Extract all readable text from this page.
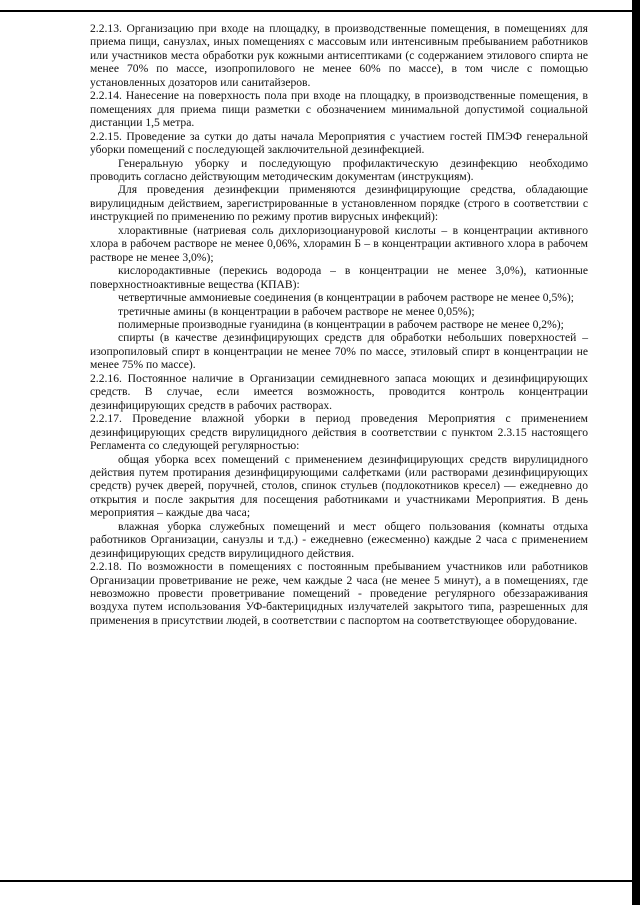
2.2.13. Организацию при входе на площадку, в производственные помещения, в помещениях для приема пищи, санузлах, иных помещениях с массовым или интенсивным пребыванием работников или участников места обработки рук кожными антисептиками (с содержанием этилового спирта не менее 70% по массе, изопропилового не менее 60% по массе), в том числе с помощью установленных дозаторов или санитайзеров.

2.2.14. Нанесение на поверхность пола при входе на площадку, в производственные помещения, в помещениях для приема пищи разметки с обозначением минимальной допустимой социальной дистанции 1,5 метра.

2.2.15. Проведение за сутки до даты начала Мероприятия с участием гостей ПМЭФ генеральной уборки помещений с последующей заключительной дезинфекцией.

Генеральную уборку и последующую профилактическую дезинфекцию необходимо проводить согласно действующим методическим документам (инструкциям).

Для проведения дезинфекции применяются дезинфицирующие средства, обладающие вирулицидным действием, зарегистрированные в установленном порядке (строго в соответствии с инструкцией по применению по режиму против вирусных инфекций):

хлорактивные (натриевая соль дихлоризоциануровой кислоты – в концентрации активного хлора в рабочем растворе не менее 0,06%, хлорамин Б – в концентрации активного хлора в рабочем растворе не менее 3,0%);

кислородактивные (перекись водорода – в концентрации не менее 3,0%), катионные поверхностноактивные вещества (КПАВ):

четвертичные аммониевые соединения (в концентрации в рабочем растворе не менее 0,5%);

третичные амины (в концентрации в рабочем растворе не менее 0,05%);

полимерные производные гуанидина (в концентрации в рабочем растворе не менее 0,2%);

спирты (в качестве дезинфицирующих средств для обработки небольших поверхностей – изопропиловый спирт в концентрации не менее 70% по массе, этиловый спирт в концентрации не менее 75% по массе).

2.2.16. Постоянное наличие в Организации семидневного запаса моющих и дезинфицирующих средств. В случае, если имеется возможность, проводится контроль концентрации дезинфицирующих средств в рабочих растворах.

2.2.17. Проведение влажной уборки в период проведения Мероприятия с применением дезинфицирующих средств вирулицидного действия в соответствии с пунктом 2.3.15 настоящего Регламента со следующей регулярностью:

общая уборка всех помещений с применением дезинфицирующих средств вирулицидного действия путем протирания дезинфицирующими салфетками (или растворами дезинфицирующих средств) ручек дверей, поручней, столов, спинок стульев (подлокотников кресел) — ежедневно до открытия и после закрытия для посещения работниками и участниками Мероприятия. В день мероприятия – каждые два часа;

влажная уборка служебных помещений и мест общего пользования (комнаты отдыха работников Организации, санузлы и т.д.) - ежедневно (ежесменно) каждые 2 часа с применением дезинфицирующих средств вирулицидного действия.

2.2.18. По возможности в помещениях с постоянным пребыванием участников или работников Организации проветривание не реже, чем каждые 2 часа (не менее 5 минут), а в помещениях, где невозможно провести проветривание помещений - проведение регулярного обеззараживания воздуха путем использования УФ-бактерицидных излучателей закрытого типа, разрешенных для применения в присутствии людей, в соответствии с паспортом на соответствующее оборудование.
